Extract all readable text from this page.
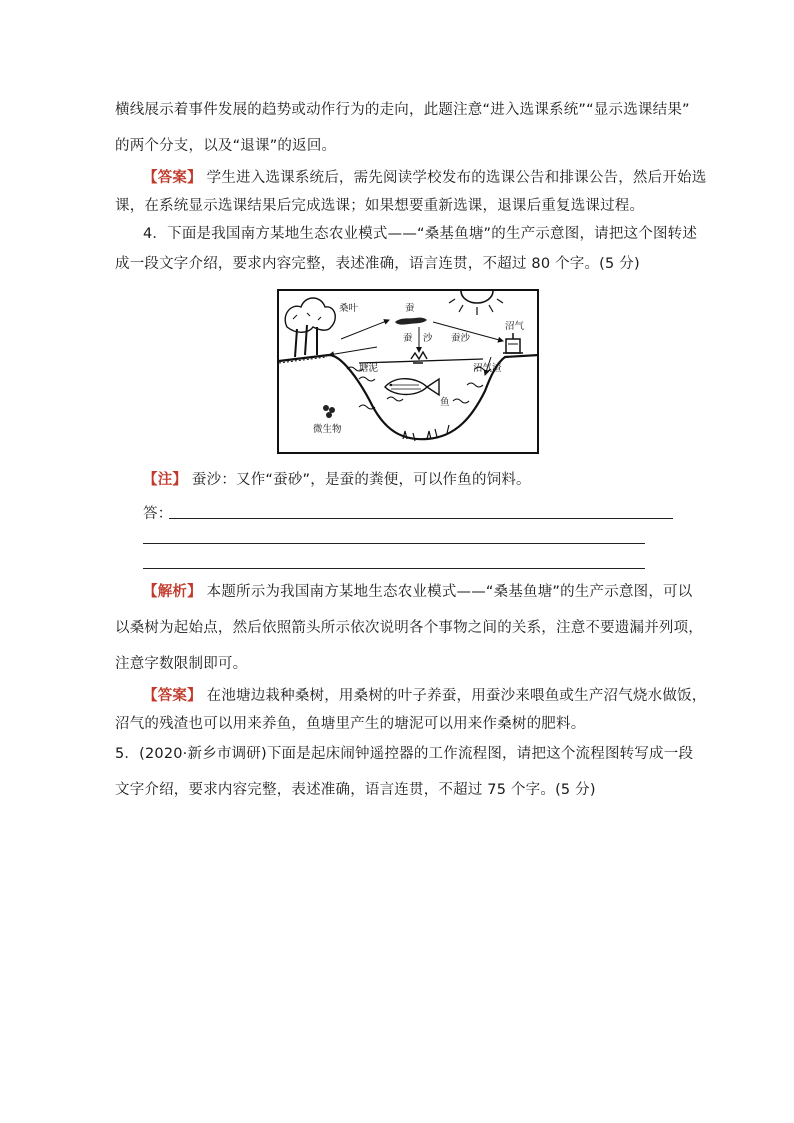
横线展示着事件发展的趋势或动作行为的走向，此题注意“进入选课系统”“显示选课结果”
的两个分支，以及“退课”的返回。
【答案】 学生进入选课系统后，需先阅读学校发布的选课公告和排课公告，然后开始选
课，在系统显示选课结果后完成选课；如果想要重新选课，退课后重复选课过程。
4．下面是我国南方某地生态农业模式——“桑基鱼塘”的生产示意图，请把这个图转述
成一段文字介绍，要求内容完整，表述准确，语言连贯，不超过 80 个字。(5 分)
桑叶	蚕
蚕 沙 蚕沙
沼气
塘泥	沼气渣
鱼
微生物
【注】 蚕沙：又作“蚕砂”，是蚕的粪便，可以作鱼的饲料。
答：
【解析】 本题所示为我国南方某地生态农业模式——“桑基鱼塘”的生产示意图，可以
以桑树为起始点，然后依照箭头所示依次说明各个事物之间的关系，注意不要遗漏并列项，
注意字数限制即可。
【答案】 在池塘边栽种桑树，用桑树的叶子养蚕，用蚕沙来喂鱼或生产沼气烧水做饭，
沼气的残渣也可以用来养鱼，鱼塘里产生的塘泥可以用来作桑树的肥料。
5．(2020·新乡市调研)下面是起床闹钟遥控器的工作流程图，请把这个流程图转写成一段
文字介绍，要求内容完整，表述准确，语言连贯，不超过 75 个字。(5 分)
